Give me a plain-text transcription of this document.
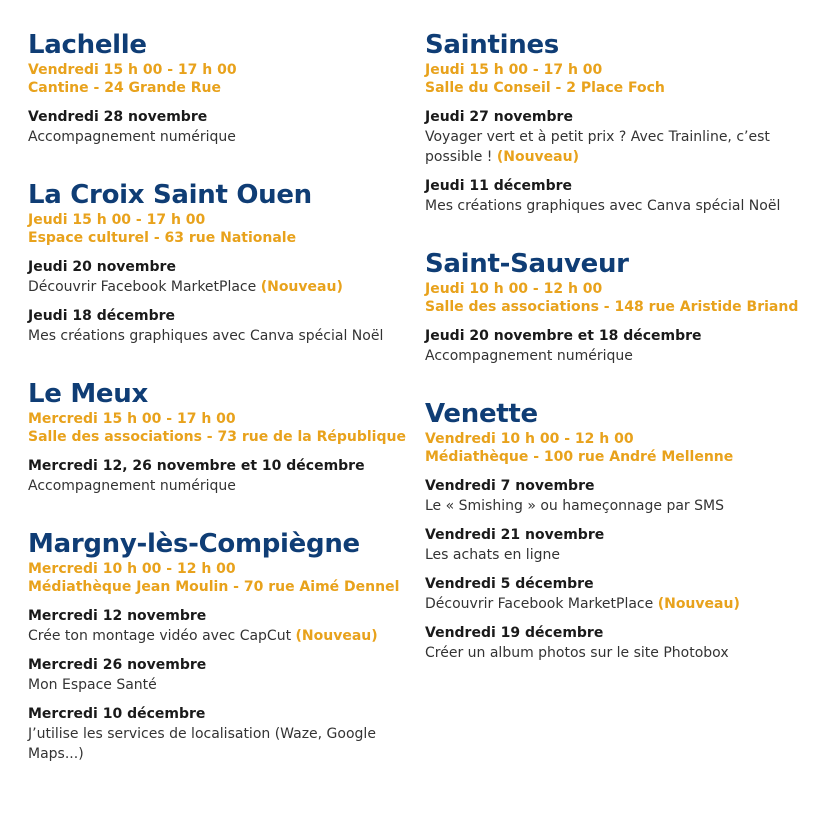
Lachelle
Vendredi 15 h 00 - 17 h 00
Cantine - 24 Grande Rue
Vendredi 28 novembre
Accompagnement numérique
La Croix Saint Ouen
Jeudi 15 h 00 - 17 h 00
Espace culturel - 63 rue Nationale
Jeudi 20 novembre
Découvrir Facebook MarketPlace (Nouveau)
Jeudi 18 décembre
Mes créations graphiques avec Canva spécial Noël
Le Meux
Mercredi 15 h 00 - 17 h 00
Salle des associations - 73 rue de la République
Mercredi 12, 26 novembre et 10 décembre
Accompagnement numérique
Margny-lès-Compiègne
Mercredi 10 h 00 - 12 h 00
Médiathèque Jean Moulin - 70 rue Aimé Dennel
Mercredi 12 novembre
Crée ton montage vidéo avec CapCut (Nouveau)
Mercredi 26 novembre
Mon Espace Santé
Mercredi 10 décembre
J’utilise les services de localisation (Waze, Google Maps...)
Saintines
Jeudi 15 h 00 - 17 h 00
Salle du Conseil - 2 Place Foch
Jeudi 27 novembre
Voyager vert et à petit prix ? Avec Trainline, c’est possible ! (Nouveau)
Jeudi 11 décembre
Mes créations graphiques avec Canva spécial Noël
Saint-Sauveur
Jeudi 10 h 00 - 12 h 00
Salle des associations - 148 rue Aristide Briand
Jeudi 20 novembre et 18 décembre
Accompagnement numérique
Venette
Vendredi 10 h 00 - 12 h 00
Médiathèque - 100 rue André Mellenne
Vendredi 7 novembre
Le « Smishing » ou hameçonnage par SMS
Vendredi 21 novembre
Les achats en ligne
Vendredi 5 décembre
Découvrir Facebook MarketPlace (Nouveau)
Vendredi 19 décembre
Créer un album photos sur le site Photobox
